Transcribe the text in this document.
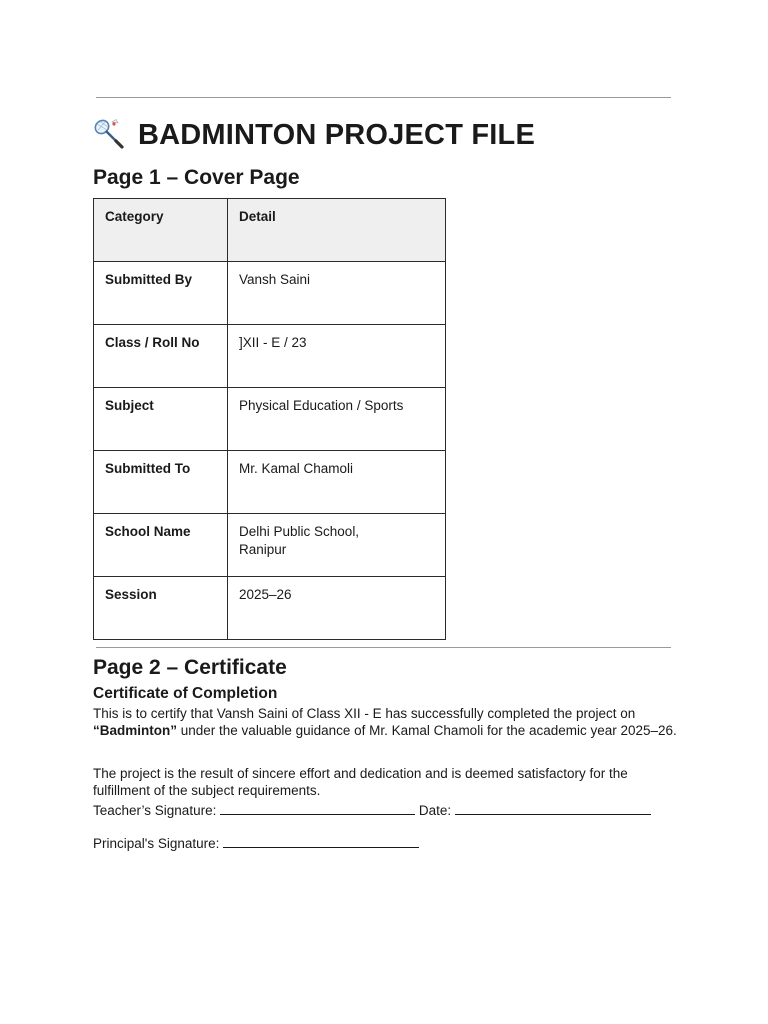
BADMINTON PROJECT FILE
Page 1 – Cover Page
Category	Detail
Submitted By	Vansh Saini
Class / Roll No	]XII - E / 23
Subject	Physical Education / Sports
Submitted To	Mr. Kamal Chamoli
School Name	Delhi Public School, Ranipur
Session	2025–26
Page 2 – Certificate

Certificate of Completion

This is to certify that Vansh Saini of Class XII - E has successfully completed the project on “Badminton” under the valuable guidance of Mr. Kamal Chamoli for the academic year 2025–26.

The project is the result of sincere effort and dedication and is deemed satisfactory for the fulfillment of the subject requirements.

Teacher’s Signature:	Date:

Principal's Signature:
